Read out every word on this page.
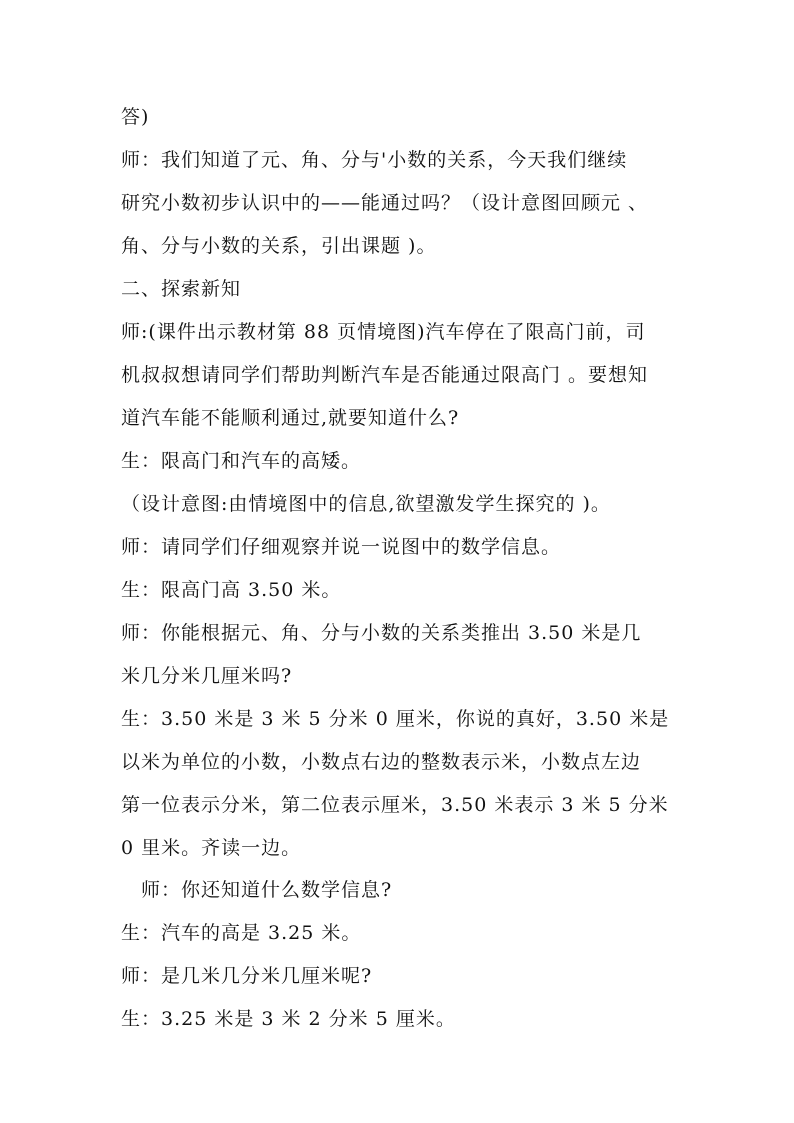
答)
师：我们知道了元、角、分与'小数的关系，今天我们继续
研究小数初步认识中的——能通过吗？（设计意图回顾元 、
角、分与小数的关系，引出课题 )。
二、探索新知
师:(课件出示教材第 88 页情境图)汽车停在了限高门前，司
机叔叔想请同学们帮助判断汽车是否能通过限高门 。要想知
道汽车能不能顺利通过,就要知道什么?
生：限高门和汽车的高矮。
（设计意图:由情境图中的信息,欲望激发学生探究的 )。
师：请同学们仔细观察并说一说图中的数学信息。
生：限高门高 3.50 米。
师：你能根据元、角、分与小数的关系类推出 3.50 米是几
米几分米几厘米吗?
生：3.50 米是 3 米 5 分米 0 厘米，你说的真好，3.50 米是
以米为单位的小数，小数点右边的整数表示米，小数点左边
第一位表示分米，第二位表示厘米，3.50 米表示 3 米 5 分米
0 里米。齐读一边。
师：你还知道什么数学信息?
生：汽车的高是 3.25 米。
师：是几米几分米几厘米呢?
生：3.25 米是 3 米 2 分米 5 厘米。
